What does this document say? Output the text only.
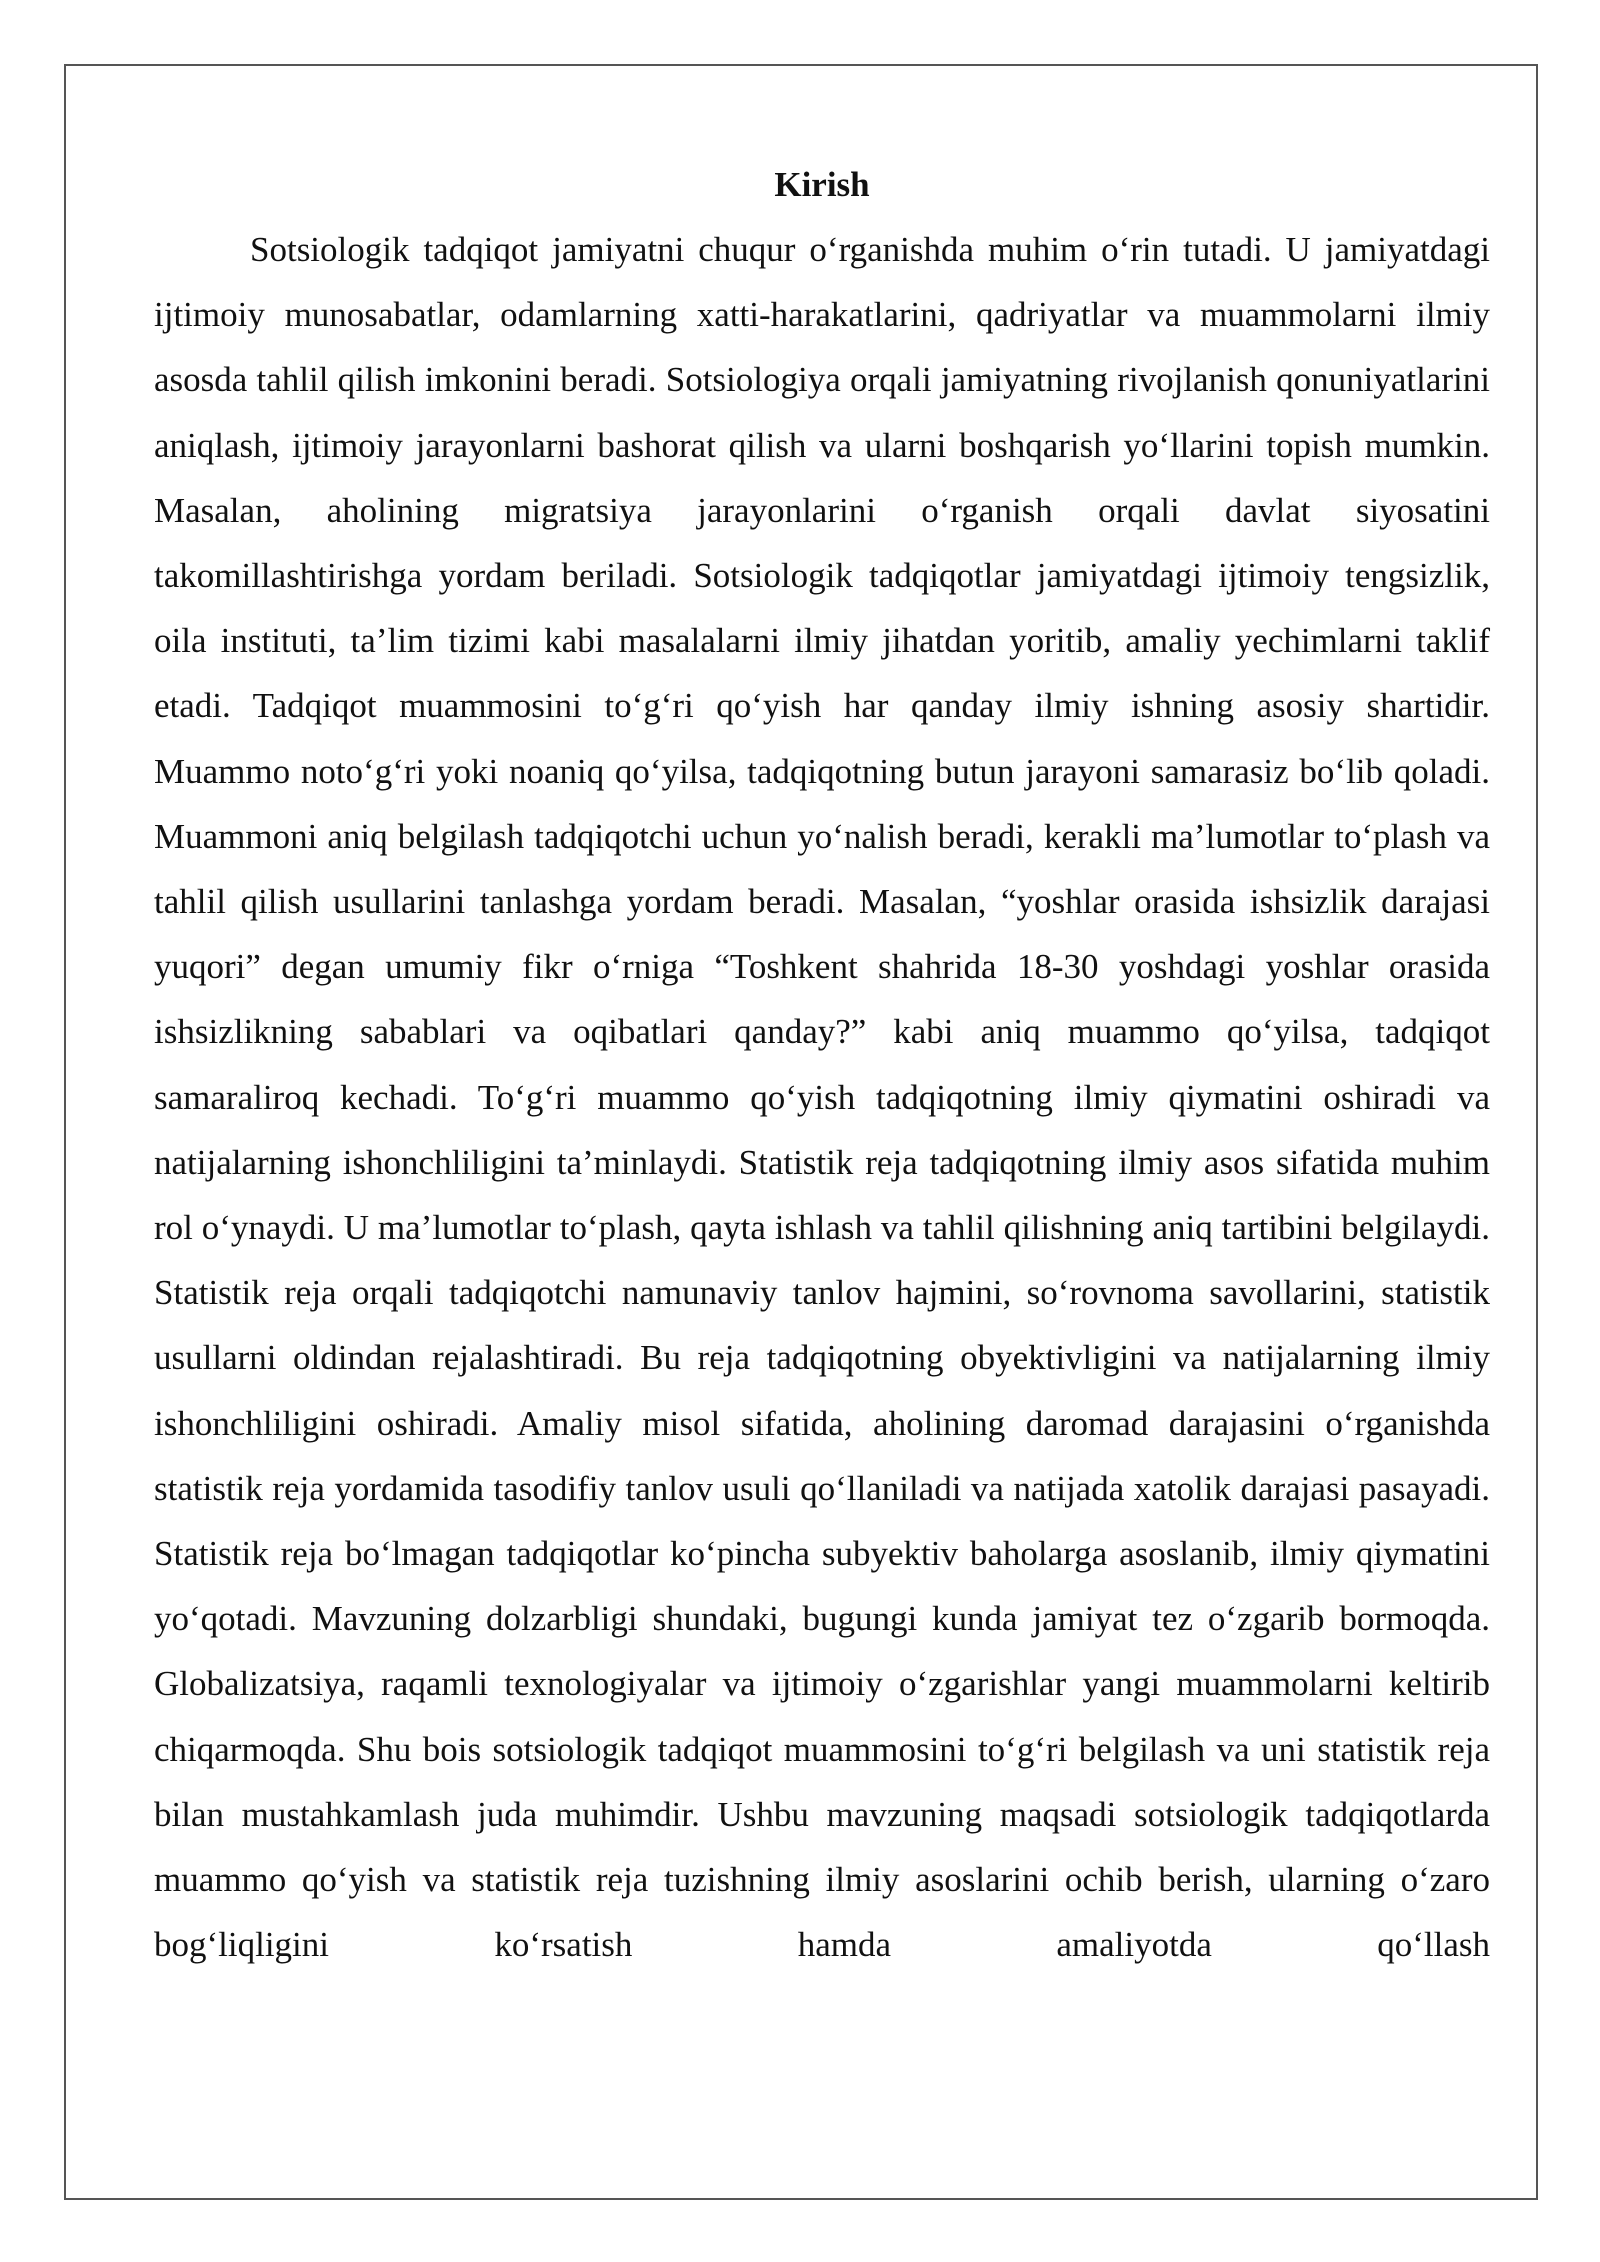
Kirish

Sotsiologik tadqiqot jamiyatni chuqur o‘rganishda muhim o‘rin tutadi. U jamiyatdagi ijtimoiy munosabatlar, odamlarning xatti-harakatlarini, qadriyatlar va muammolarni ilmiy asosda tahlil qilish imkonini beradi. Sotsiologiya orqali jamiyatning rivojlanish qonuniyatlarini aniqlash, ijtimoiy jarayonlarni bashorat qilish va ularni boshqarish yo‘llarini topish mumkin. Masalan, aholining migratsiya jarayonlarini o‘rganish orqali davlat siyosatini takomillashtirishga yordam beriladi. Sotsiologik tadqiqotlar jamiyatdagi ijtimoiy tengsizlik, oila instituti, ta’lim tizimi kabi masalalarni ilmiy jihatdan yoritib, amaliy yechimlarni taklif etadi. Tadqiqot muammosini to‘g‘ri qo‘yish har qanday ilmiy ishning asosiy shartidir. Muammo noto‘g‘ri yoki noaniq qo‘yilsa, tadqiqotning butun jarayoni samarasiz bo‘lib qoladi. Muammoni aniq belgilash tadqiqotchi uchun yo‘nalish beradi, kerakli ma’lumotlar to‘plash va tahlil qilish usullarini tanlashga yordam beradi. Masalan, “yoshlar orasida ishsizlik darajasi yuqori” degan umumiy fikr o‘rniga “Toshkent shahrida 18-30 yoshdagi yoshlar orasida ishsizlikning sabablari va oqibatlari qanday?” kabi aniq muammo qo‘yilsa, tadqiqot samaraliroq kechadi. To‘g‘ri muammo qo‘yish tadqiqotning ilmiy qiymatini oshiradi va natijalarning ishonchliligini ta’minlaydi. Statistik reja tadqiqotning ilmiy asos sifatida muhim rol o‘ynaydi. U ma’lumotlar to‘plash, qayta ishlash va tahlil qilishning aniq tartibini belgilaydi. Statistik reja orqali tadqiqotchi namunaviy tanlov hajmini, so‘rovnoma savollarini, statistik usullarni oldindan rejalashtiradi. Bu reja tadqiqotning obyektivligini va natijalarning ilmiy ishonchliligini oshiradi. Amaliy misol sifatida, aholining daromad darajasini o‘rganishda statistik reja yordamida tasodifiy tanlov usuli qo‘llaniladi va natijada xatolik darajasi pasayadi. Statistik reja bo‘lmagan tadqiqotlar ko‘pincha subyektiv baholarga asoslanib, ilmiy qiymatini yo‘qotadi. Mavzuning dolzarbligi shundaki, bugungi kunda jamiyat tez o‘zgarib bormoqda. Globalizatsiya, raqamli texnologiyalar va ijtimoiy o‘zgarishlar yangi muammolarni keltirib chiqarmoqda. Shu bois sotsiologik tadqiqot muammosini to‘g‘ri belgilash va uni statistik reja bilan mustahkamlash juda muhimdir. Ushbu mavzuning maqsadi sotsiologik tadqiqotlarda muammo qo‘yish va statistik reja tuzishning ilmiy asoslarini ochib berish, ularning o‘zaro bog‘liqligini ko‘rsatish hamda amaliyotda qo‘llash
